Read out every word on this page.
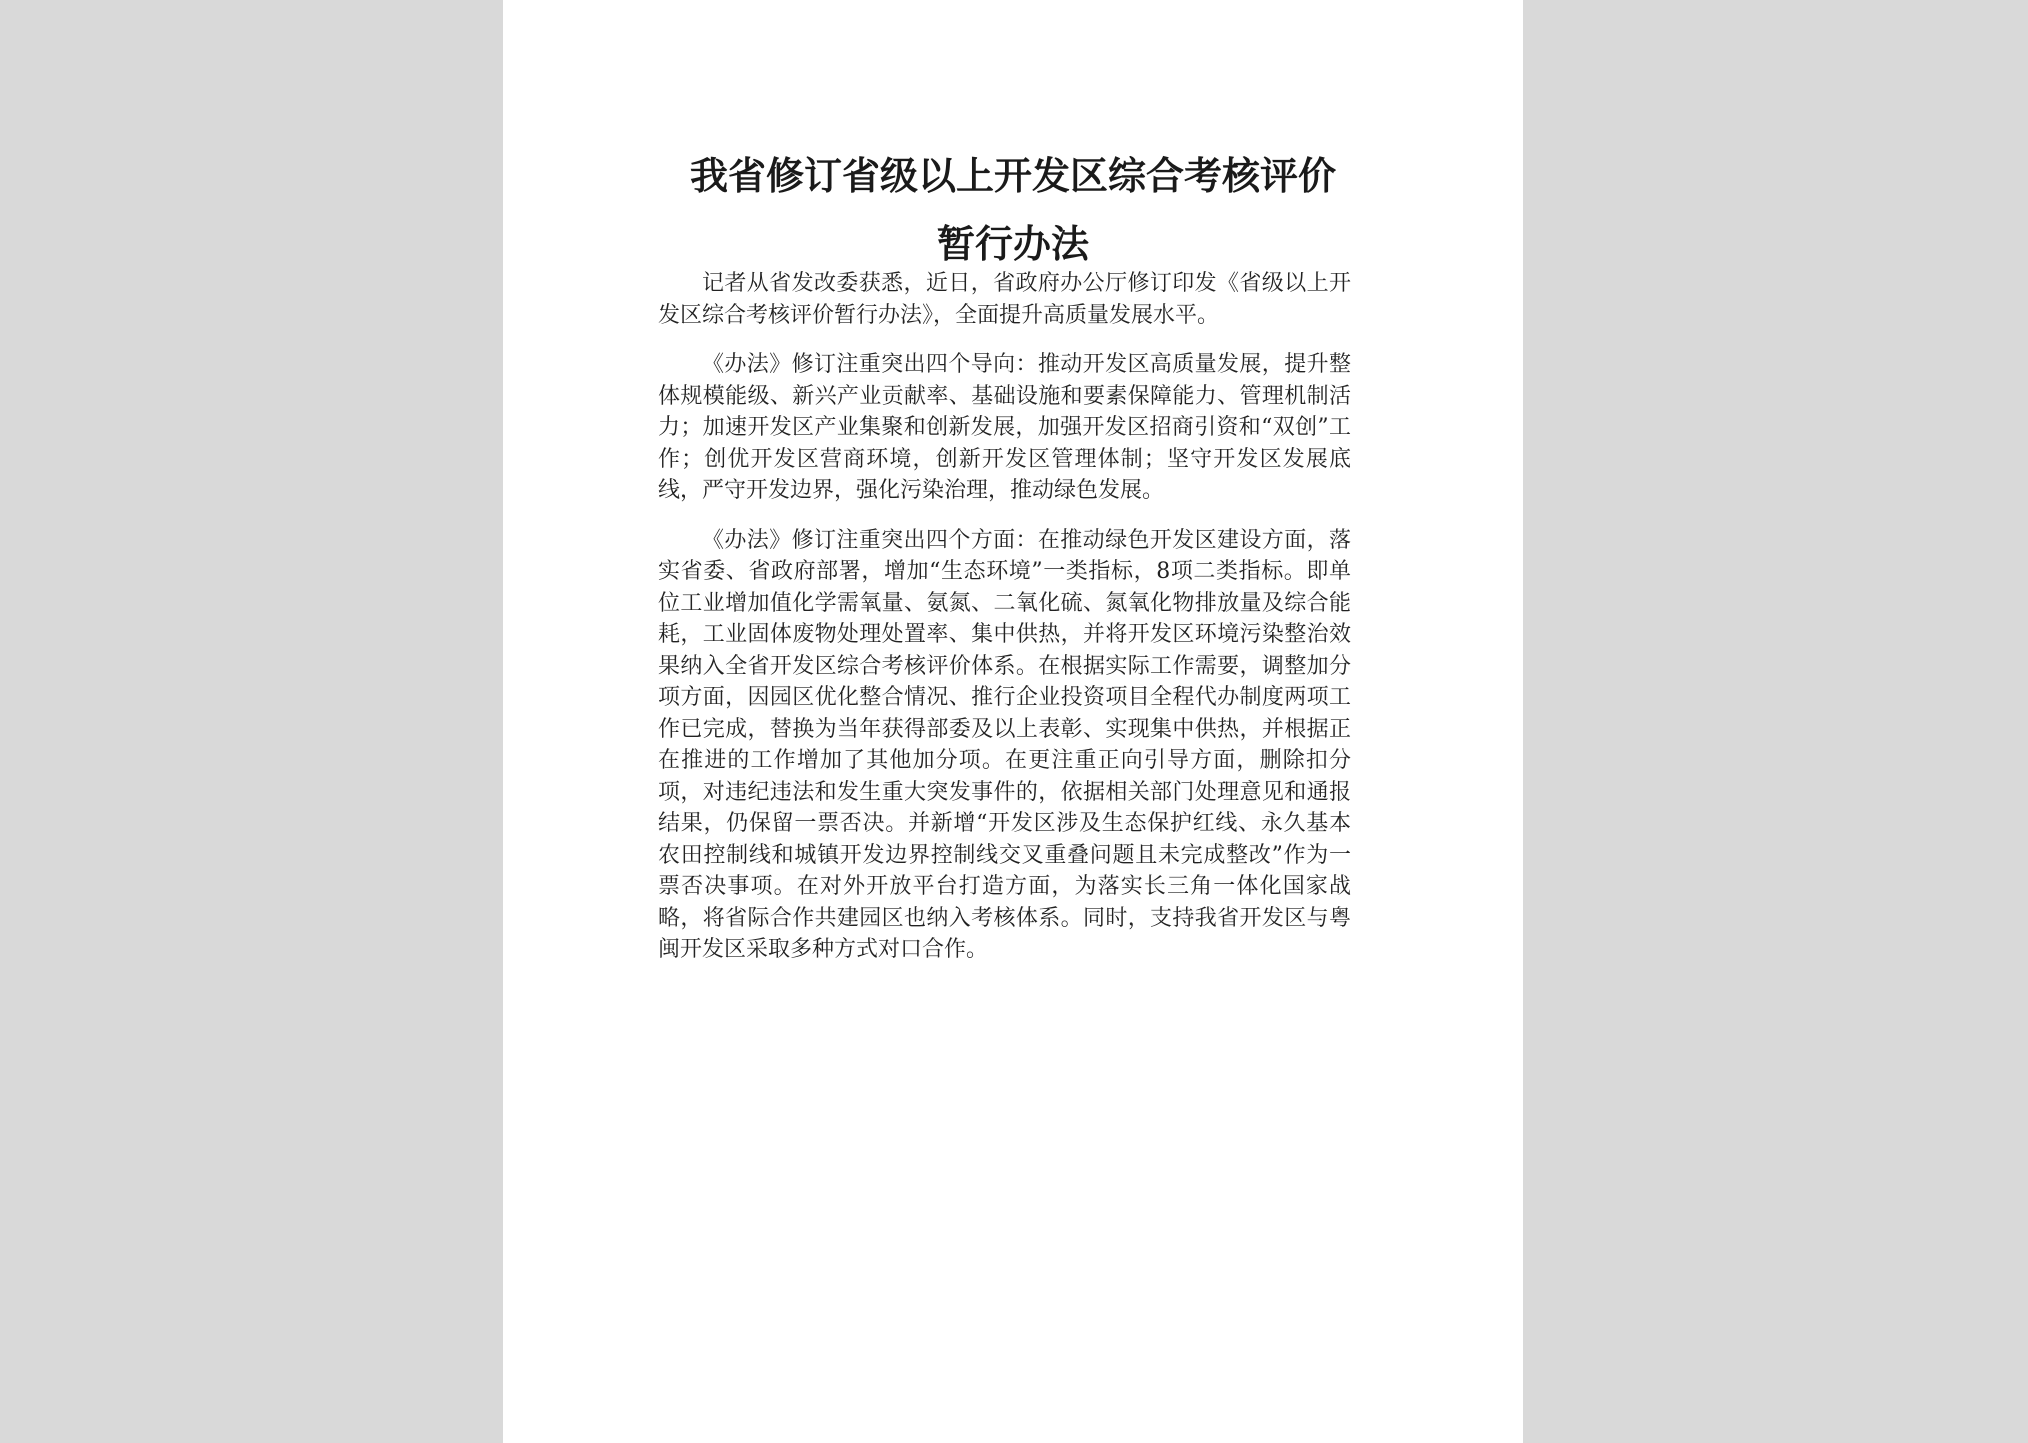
我省修订省级以上开发区综合考核评价
暂行办法

记者从省发改委获悉，近日，省政府办公厅修订印发《省级以上开发区综合考核评价暂行办法》，全面提升高质量发展水平。

《办法》修订注重突出四个导向：推动开发区高质量发展，提升整体规模能级、新兴产业贡献率、基础设施和要素保障能力、管理机制活力；加速开发区产业集聚和创新发展，加强开发区招商引资和“双创”工作；创优开发区营商环境，创新开发区管理体制；坚守开发区发展底线，严守开发边界，强化污染治理，推动绿色发展。

《办法》修订注重突出四个方面：在推动绿色开发区建设方面，落实省委、省政府部署，增加“生态环境”一类指标，8项二类指标。即单位工业增加值化学需氧量、氨氮、二氧化硫、氮氧化物排放量及综合能耗，工业固体废物处理处置率、集中供热，并将开发区环境污染整治效果纳入全省开发区综合考核评价体系。在根据实际工作需要，调整加分项方面，因园区优化整合情况、推行企业投资项目全程代办制度两项工作已完成，替换为当年获得部委及以上表彰、实现集中供热，并根据正在推进的工作增加了其他加分项。在更注重正向引导方面，删除扣分项，对违纪违法和发生重大突发事件的，依据相关部门处理意见和通报结果，仍保留一票否决。并新增“开发区涉及生态保护红线、永久基本农田控制线和城镇开发边界控制线交叉重叠问题且未完成整改”作为一票否决事项。在对外开放平台打造方面，为落实长三角一体化国家战略，将省际合作共建园区也纳入考核体系。同时，支持我省开发区与粤闽开发区采取多种方式对口合作。
